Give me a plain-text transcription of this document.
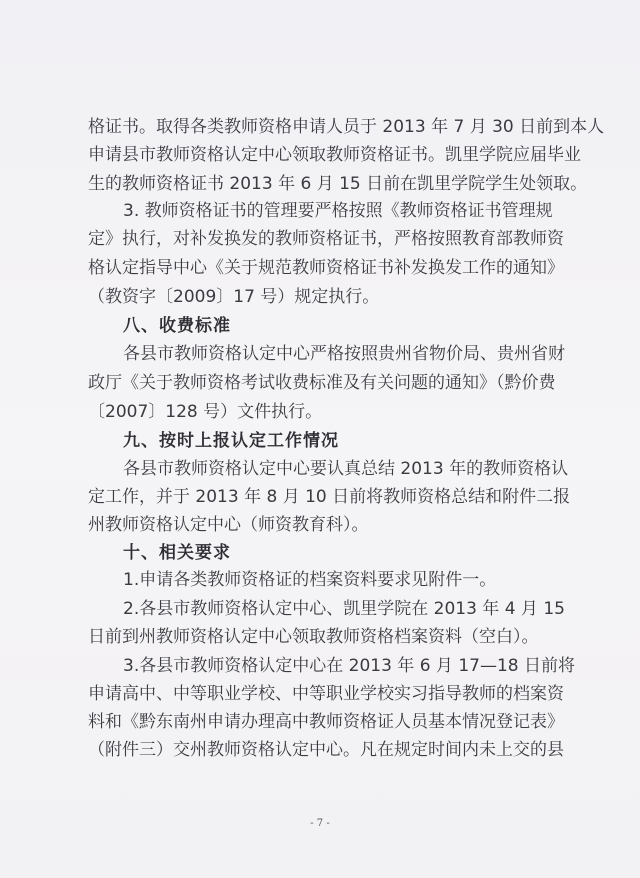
格证书。取得各类教师资格申请人员于 2013 年 7 月 30 日前到本人
申请县市教师资格认定中心领取教师资格证书。凯里学院应届毕业
生的教师资格证书 2013 年 6 月 15 日前在凯里学院学生处领取。
3. 教师资格证书的管理要严格按照《教师资格证书管理规
定》执行，对补发换发的教师资格证书，严格按照教育部教师资
格认定指导中心《关于规范教师资格证书补发换发工作的通知》
（教资字〔2009〕17 号）规定执行。
八、收费标准
各县市教师资格认定中心严格按照贵州省物价局、贵州省财
政厅《关于教师资格考试收费标准及有关问题的通知》（黔价费
〔2007〕128 号）文件执行。
九、按时上报认定工作情况
各县市教师资格认定中心要认真总结 2013 年的教师资格认
定工作，并于 2013 年 8 月 10 日前将教师资格总结和附件二报
州教师资格认定中心（师资教育科）。
十、相关要求
1.申请各类教师资格证的档案资料要求见附件一。
2.各县市教师资格认定中心、凯里学院在 2013 年 4 月 15
日前到州教师资格认定中心领取教师资格档案资料（空白）。
3.各县市教师资格认定中心在 2013 年 6 月 17—18 日前将
申请高中、中等职业学校、中等职业学校实习指导教师的档案资
料和《黔东南州申请办理高中教师资格证人员基本情况登记表》
（附件三）交州教师资格认定中心。凡在规定时间内未上交的县
- 7 -
